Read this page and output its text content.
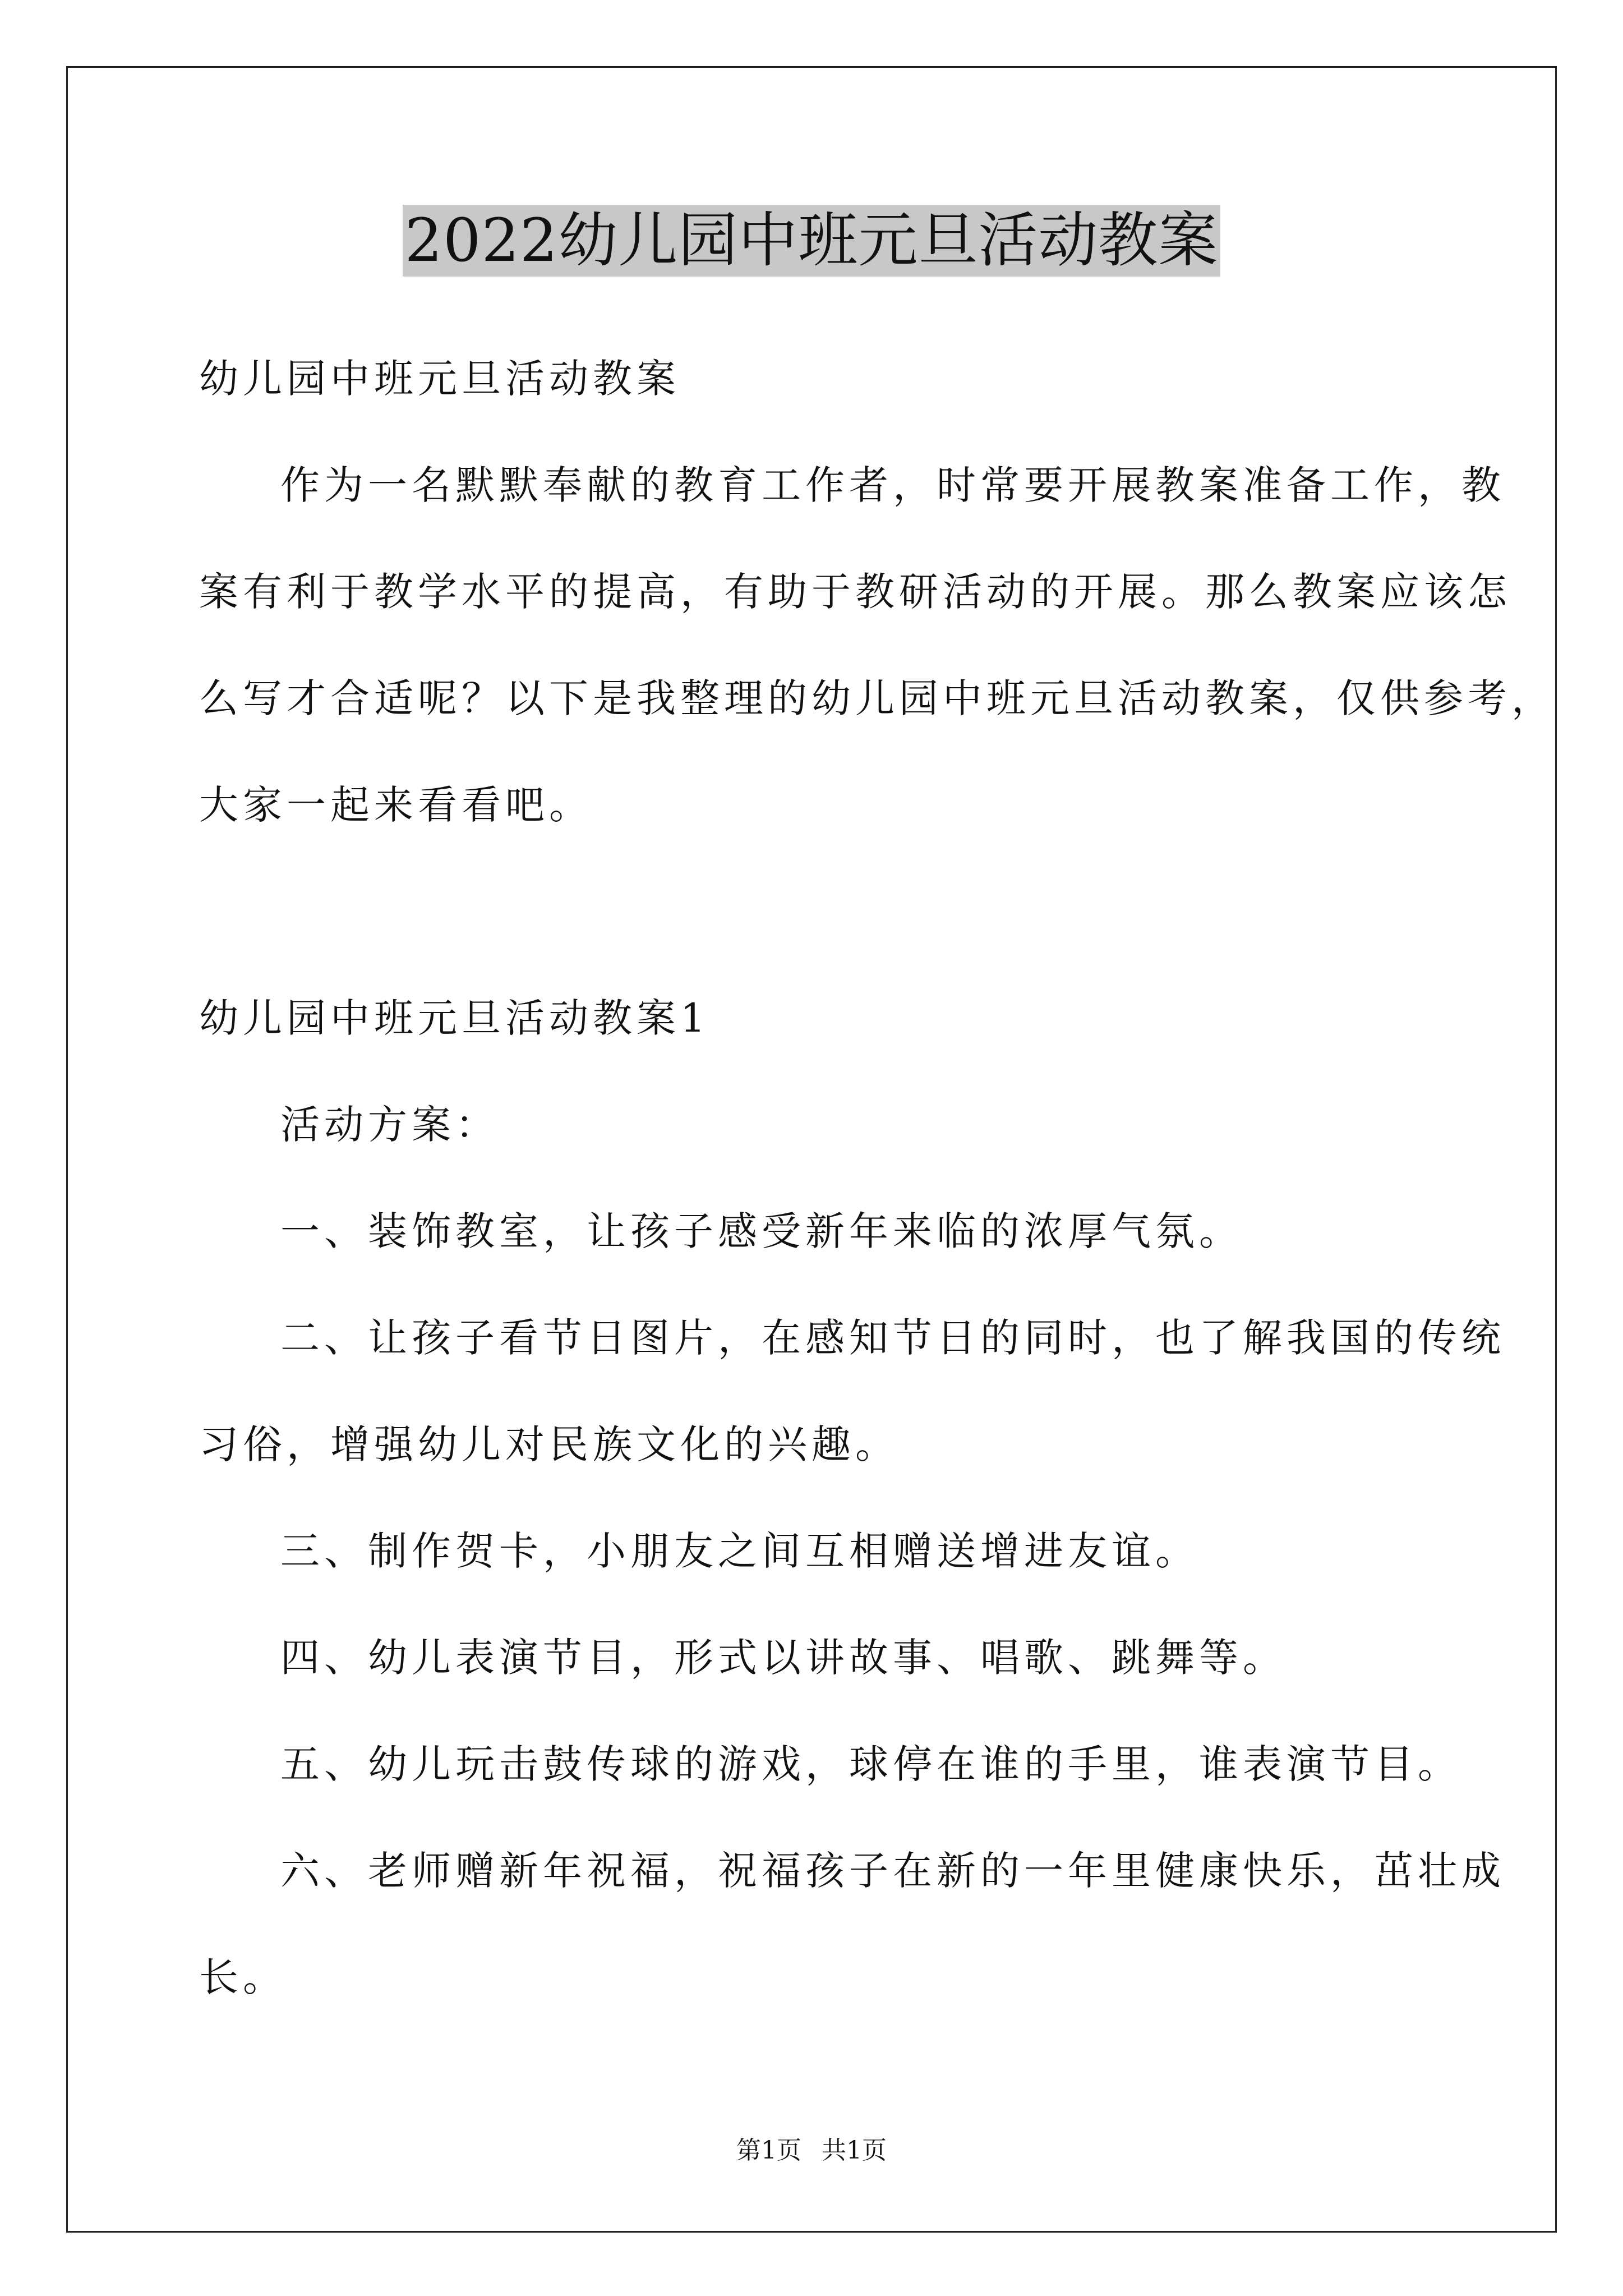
2022幼儿园中班元旦活动教案
幼儿园中班元旦活动教案
作为一名默默奉献的教育工作者，时常要开展教案准备工作，教
案有利于教学水平的提高，有助于教研活动的开展。那么教案应该怎
么写才合适呢？以下是我整理的幼儿园中班元旦活动教案，仅供参考，
大家一起来看看吧。
幼儿园中班元旦活动教案1
活动方案：
一、装饰教室，让孩子感受新年来临的浓厚气氛。
二、让孩子看节日图片，在感知节日的同时，也了解我国的传统
习俗，增强幼儿对民族文化的兴趣。
三、制作贺卡，小朋友之间互相赠送增进友谊。
四、幼儿表演节目，形式以讲故事、唱歌、跳舞等。
五、幼儿玩击鼓传球的游戏，球停在谁的手里，谁表演节目。
六、老师赠新年祝福，祝福孩子在新的一年里健康快乐，茁壮成
长。
第1页 共1页
